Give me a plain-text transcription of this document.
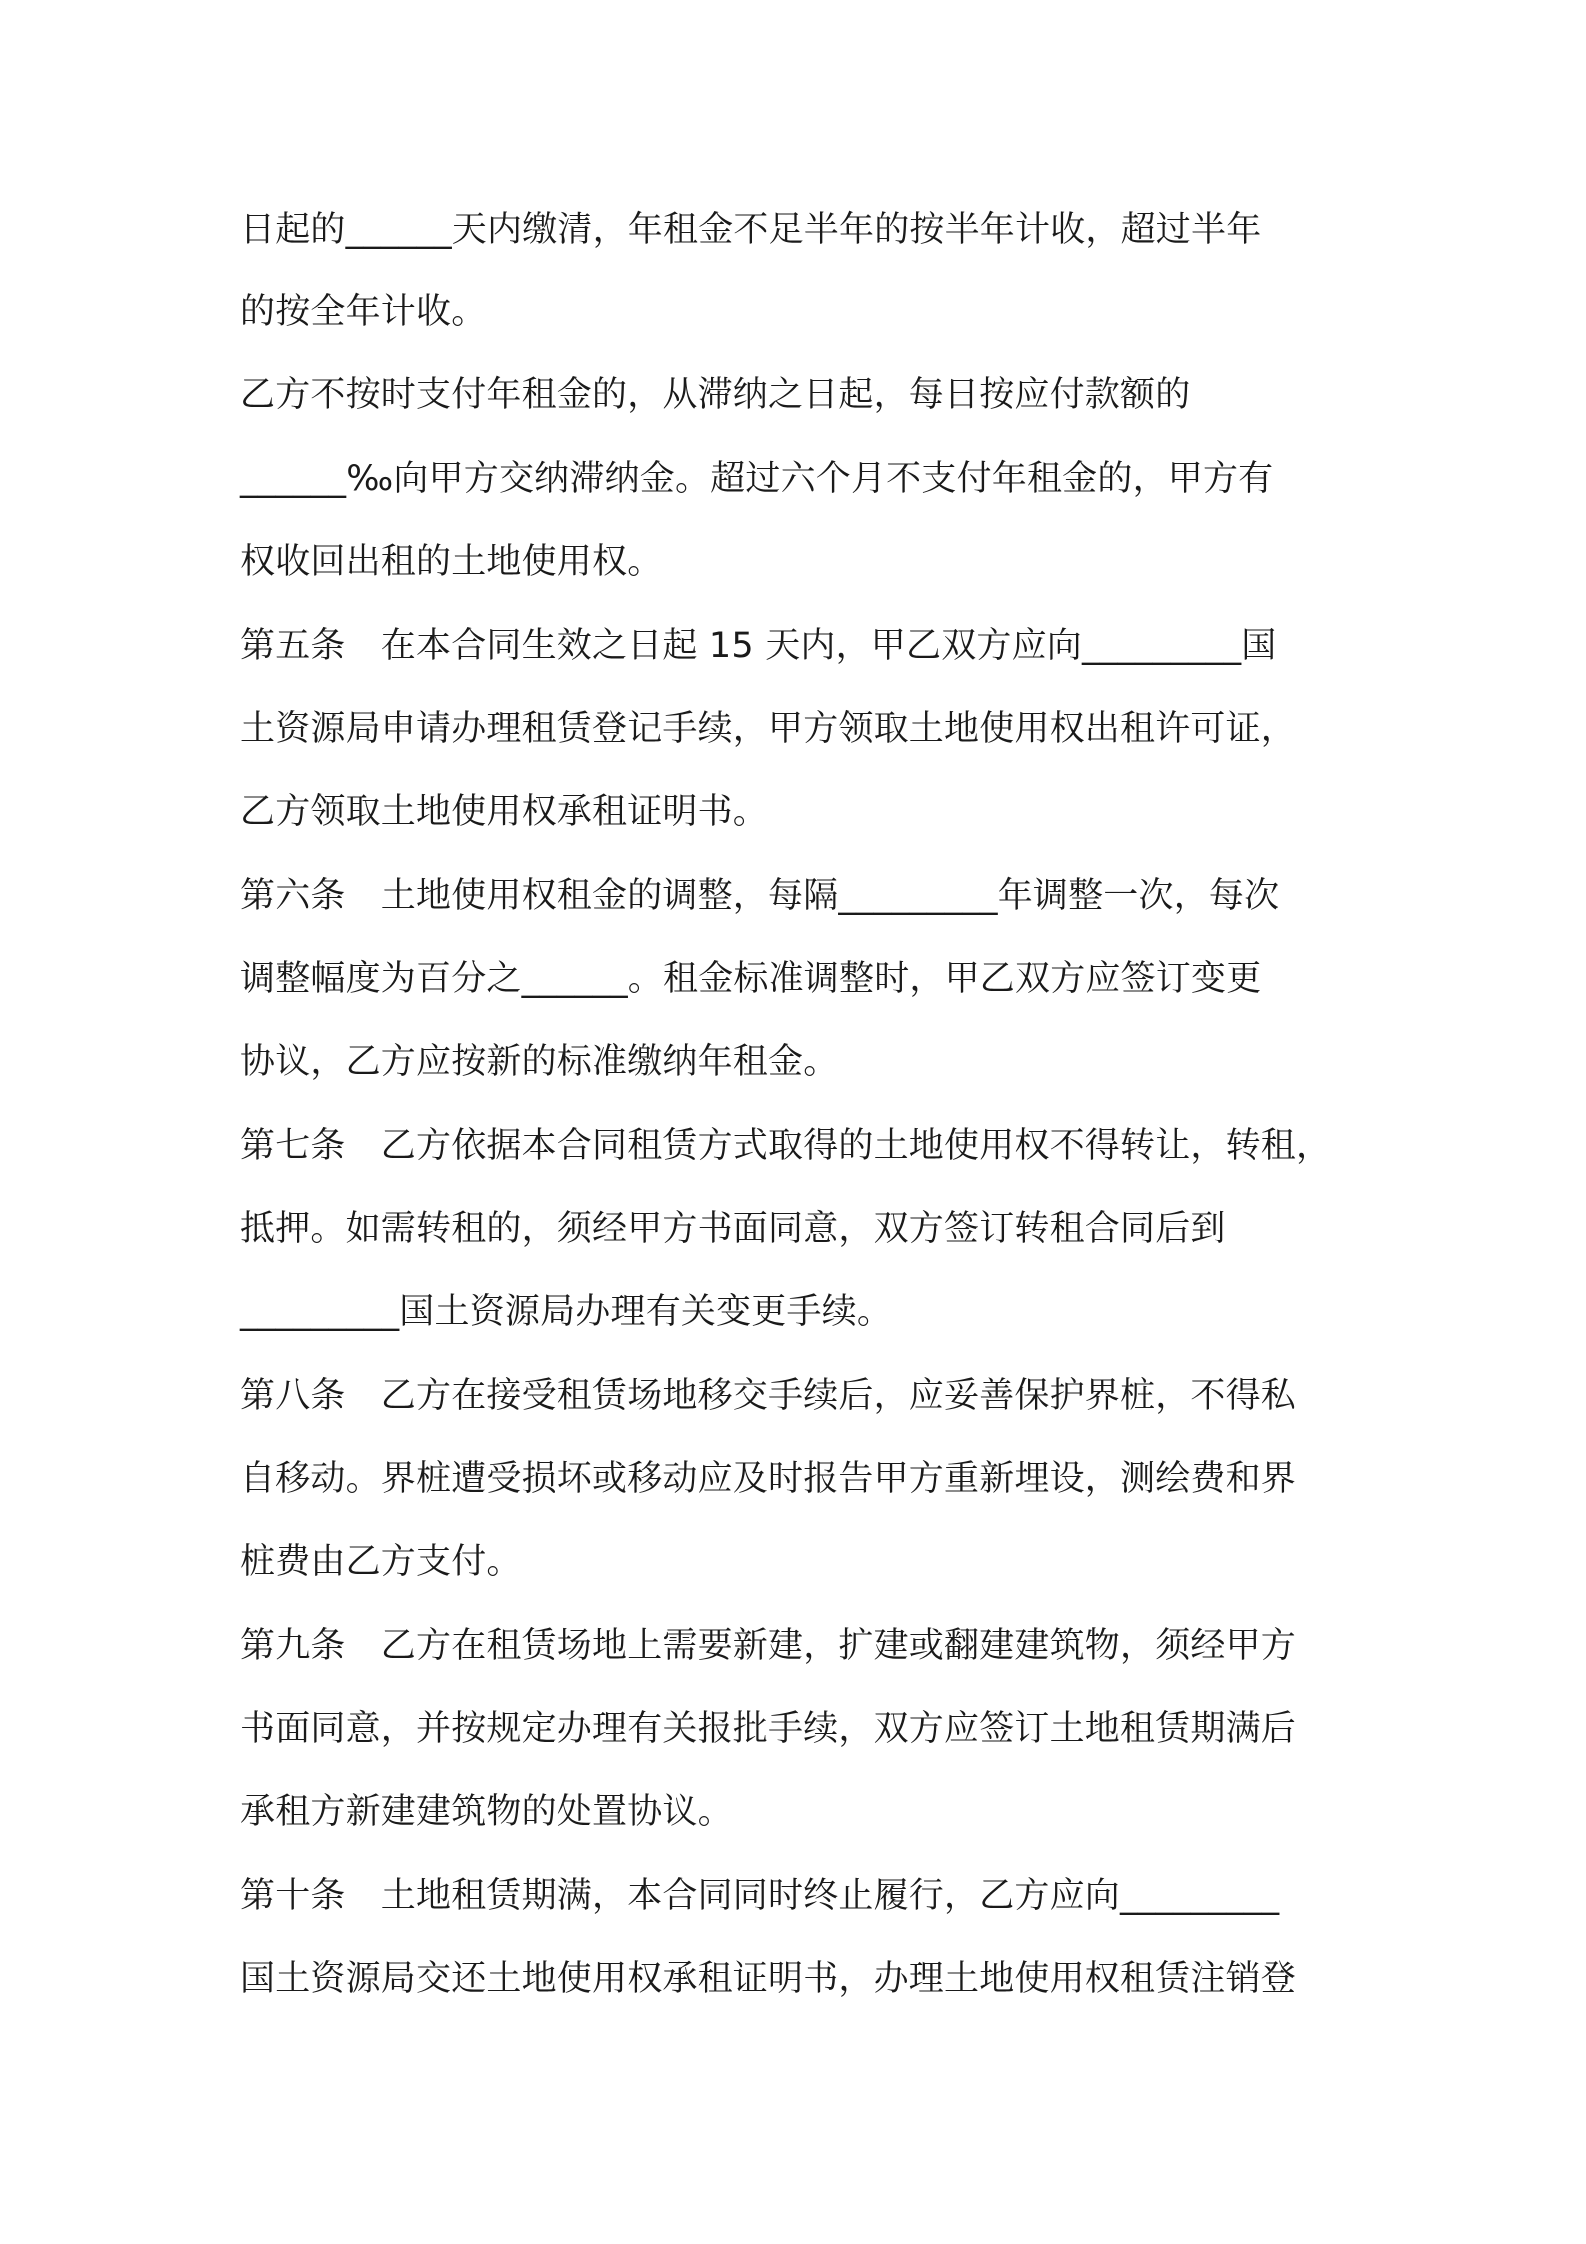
日起的______天内缴清，年租金不足半年的按半年计收，超过半年
的按全年计收。
乙方不按时支付年租金的，从滞纳之日起，每日按应付款额的
______‰向甲方交纳滞纳金。超过六个月不支付年租金的，甲方有
权收回出租的土地使用权。
第五条　在本合同生效之日起 15 天内，甲乙双方应向_________国
土资源局申请办理租赁登记手续，甲方领取土地使用权出租许可证，
乙方领取土地使用权承租证明书。
第六条　土地使用权租金的调整，每隔_________年调整一次，每次
调整幅度为百分之______。租金标准调整时，甲乙双方应签订变更
协议，乙方应按新的标准缴纳年租金。
第七条　乙方依据本合同租赁方式取得的土地使用权不得转让，转租，
抵押。如需转租的，须经甲方书面同意，双方签订转租合同后到
_________国土资源局办理有关变更手续。
第八条　乙方在接受租赁场地移交手续后，应妥善保护界桩，不得私
自移动。界桩遭受损坏或移动应及时报告甲方重新埋设，测绘费和界
桩费由乙方支付。
第九条　乙方在租赁场地上需要新建，扩建或翻建建筑物，须经甲方
书面同意，并按规定办理有关报批手续，双方应签订土地租赁期满后
承租方新建建筑物的处置协议。
第十条　土地租赁期满，本合同同时终止履行，乙方应向_________
国土资源局交还土地使用权承租证明书，办理土地使用权租赁注销登
